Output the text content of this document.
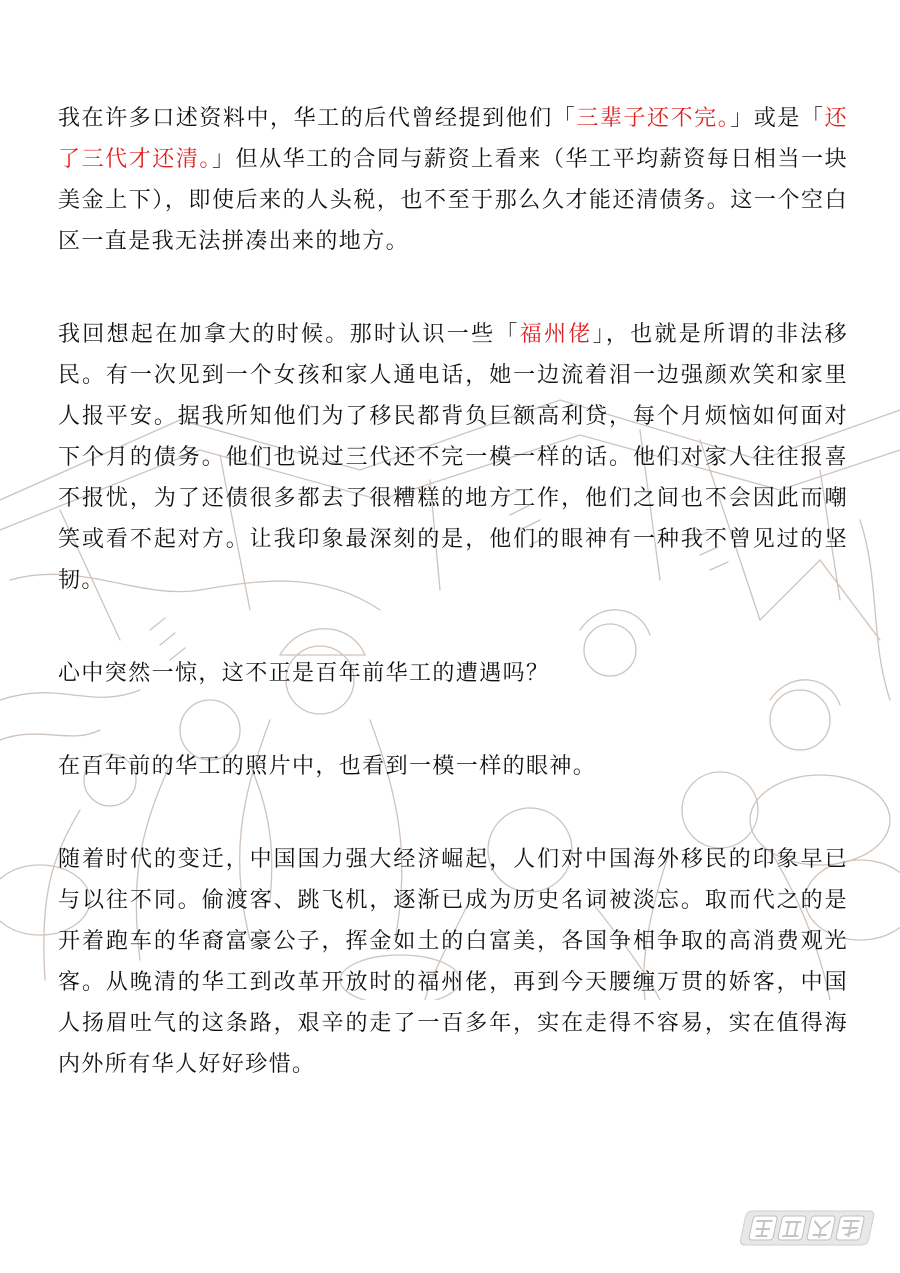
我在许多口述资料中，华工的后代曾经提到他们「三辈子还不完。」或是「还了三代才还清。」但从华工的合同与薪资上看来（华工平均薪资每日相当一块美金上下），即使后来的人头税，也不至于那么久才能还清债务。这一个空白区一直是我无法拼凑出来的地方。

我回想起在加拿大的时候。那时认识一些「福州佬」，也就是所谓的非法移民。有一次见到一个女孩和家人通电话，她一边流着泪一边强颜欢笑和家里人报平安。据我所知他们为了移民都背负巨额高利贷，每个月烦恼如何面对下个月的债务。他们也说过三代还不完一模一样的话。他们对家人往往报喜不报忧，为了还债很多都去了很糟糕的地方工作，他们之间也不会因此而嘲笑或看不起对方。让我印象最深刻的是，他们的眼神有一种我不曾见过的坚韧。

心中突然一惊，这不正是百年前华工的遭遇吗？

在百年前的华工的照片中，也看到一模一样的眼神。

随着时代的变迁，中国国力强大经济崛起，人们对中国海外移民的印象早已与以往不同。偷渡客、跳飞机，逐渐已成为历史名词被淡忘。取而代之的是开着跑车的华裔富豪公子，挥金如土的白富美，各国争相争取的高消费观光客。从晚清的华工到改革开放时的福州佬，再到今天腰缠万贯的娇客，中国人扬眉吐气的这条路，艰辛的走了一百多年，实在走得不容易，实在值得海内外所有华人好好珍惜。
